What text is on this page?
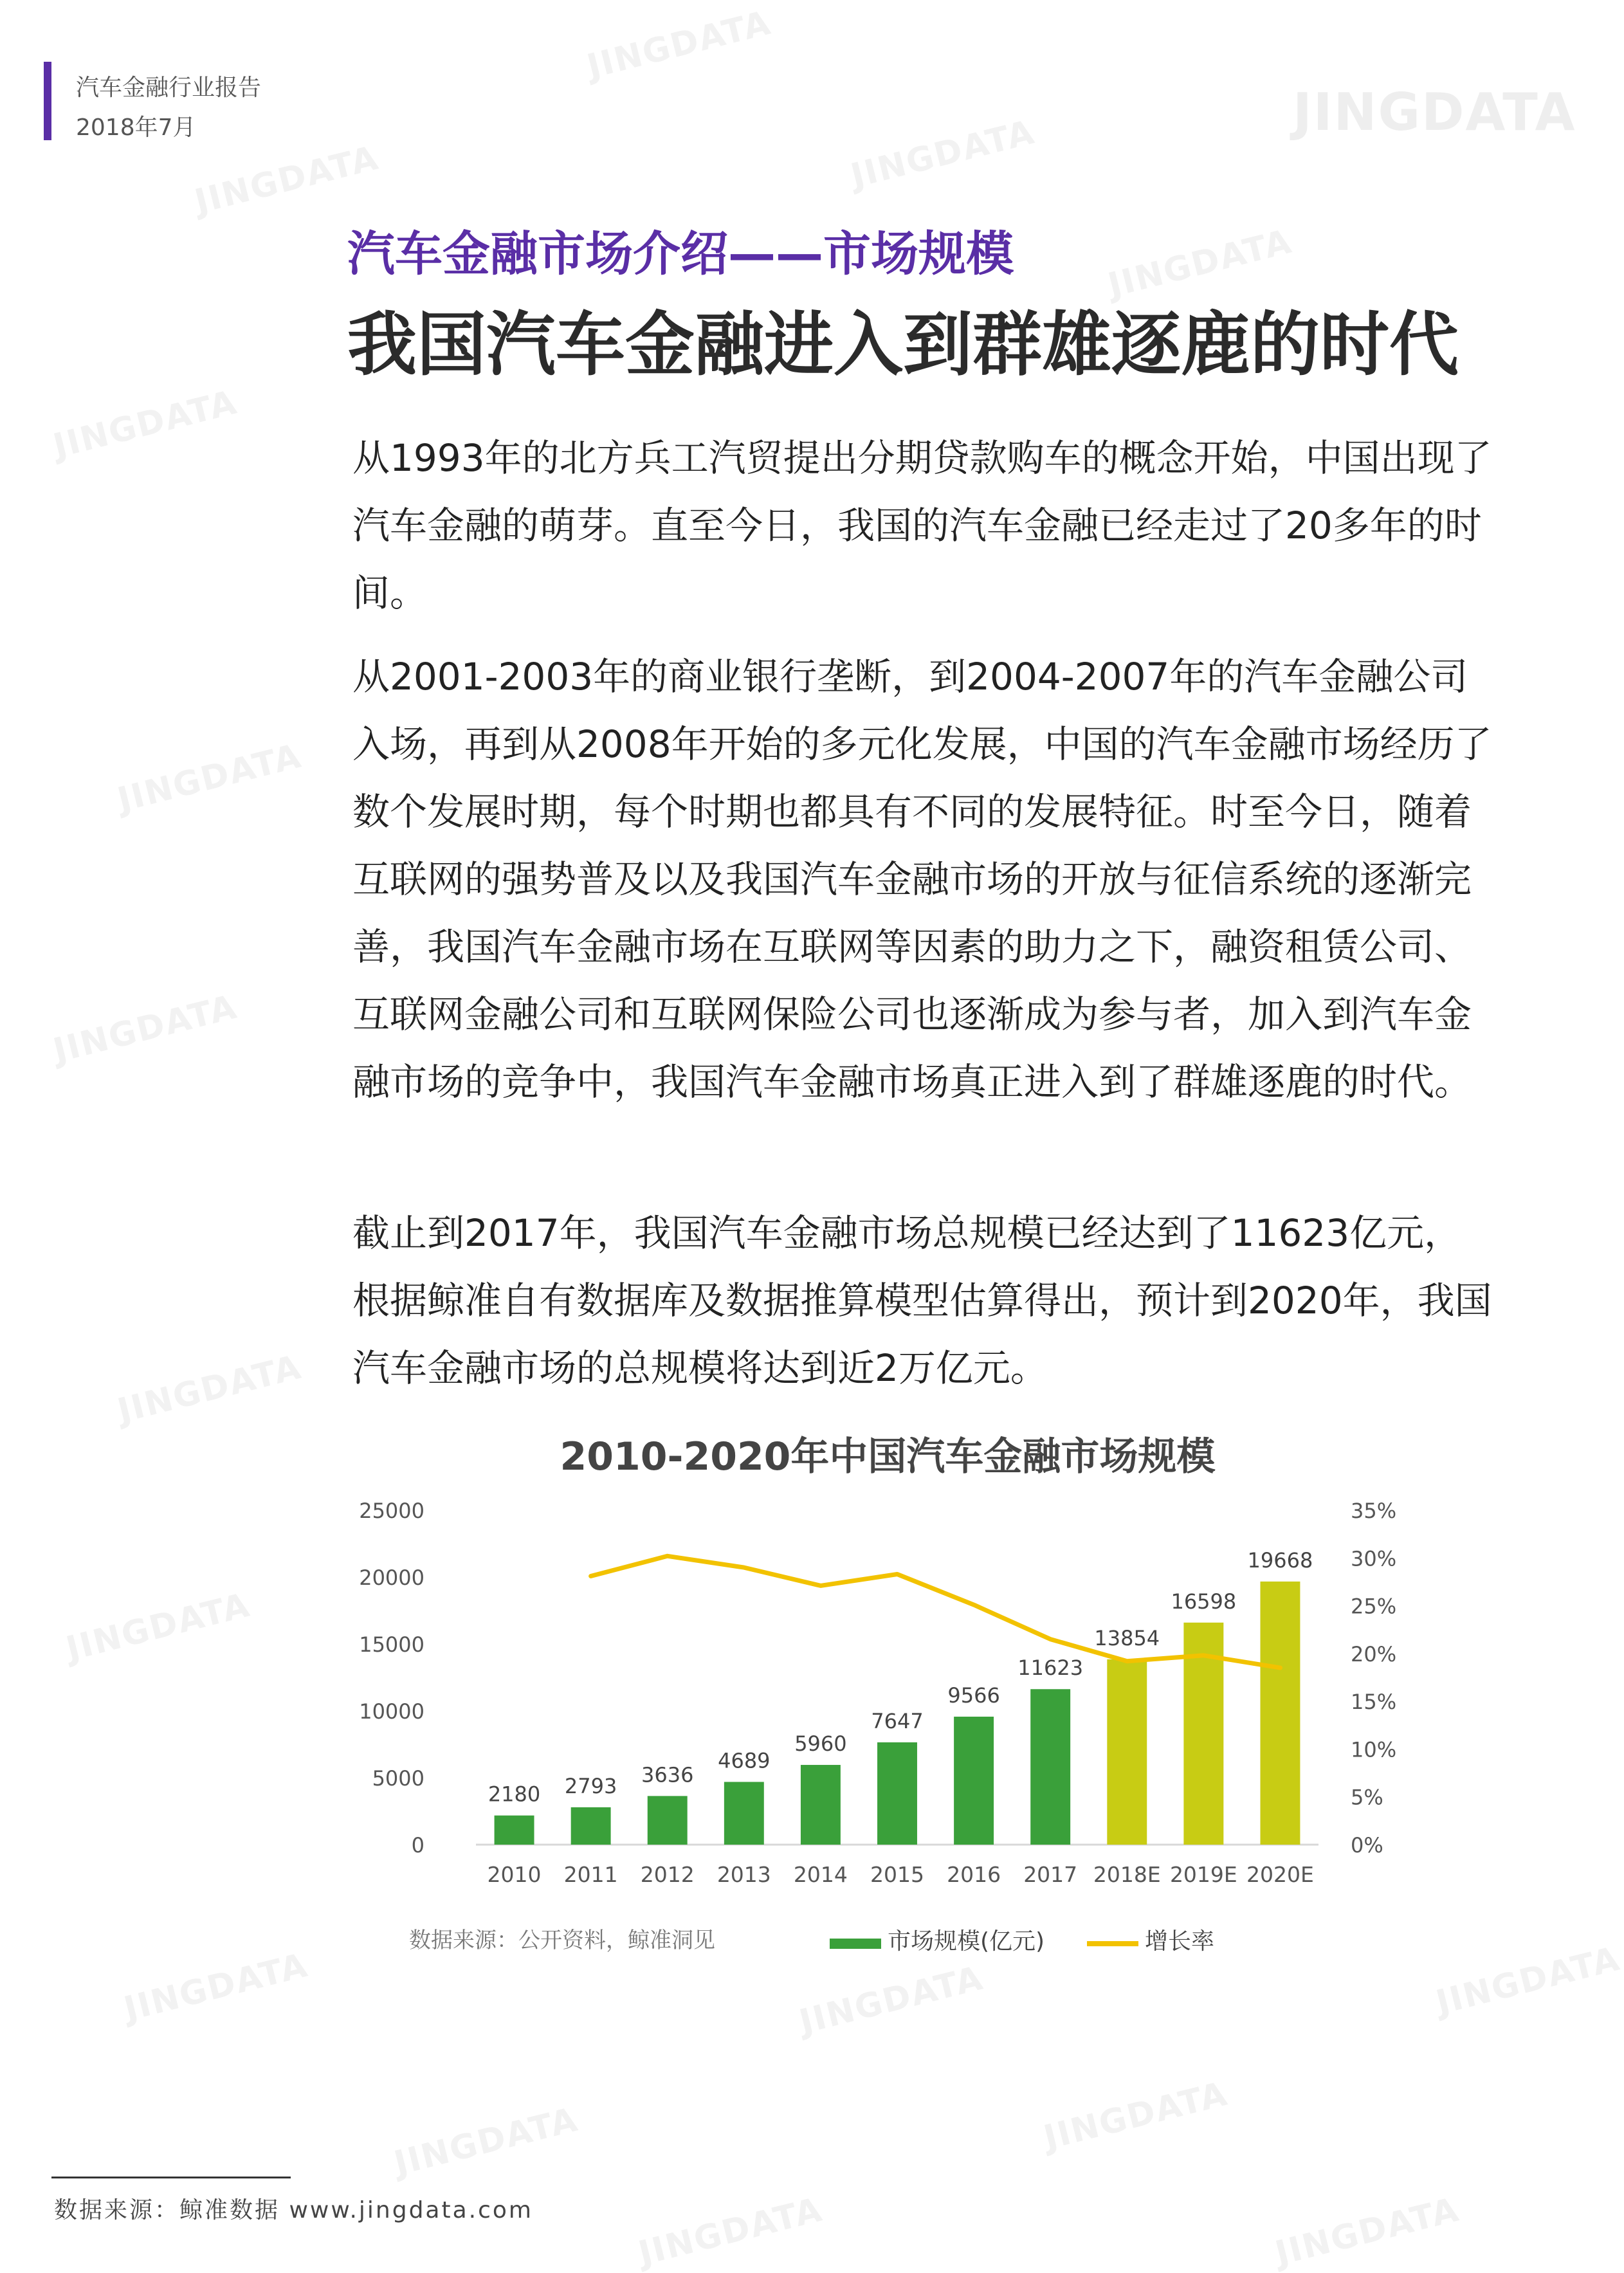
JINGDATA
JINGDATA
JINGDATA	JINGDATA
JINGDATA
JINGDATA
JINGDATA
JINGDATA
JINGDATA
JINGDATA
JINGDATA	JINGDATA
JINGDATA
JINGDATA
JINGDATA
JINGDATA	JINGDATA
汽车金融行业报告
2018年7月
汽车金融市场介绍——市场规模
我国汽车金融进入到群雄逐鹿的时代

从1993年的北方兵工汽贸提出分期贷款购车的概念开始，中国出现了汽车金融的萌芽。直至今日，我国的汽车金融已经走过了20多年的时间。

从2001-2003年的商业银行垄断，到2004-2007年的汽车金融公司入场，再到从2008年开始的多元化发展，中国的汽车金融市场经历了数个发展时期，每个时期也都具有不同的发展特征。时至今日，随着互联网的强势普及以及我国汽车金融市场的开放与征信系统的逐渐完善，我国汽车金融市场在互联网等因素的助力之下，融资租赁公司、互联网金融公司和互联网保险公司也逐渐成为参与者，加入到汽车金融市场的竞争中，我国汽车金融市场真正进入到了群雄逐鹿的时代。

截止到2017年，我国汽车金融市场总规模已经达到了11623亿元，根据鲸准自有数据库及数据推算模型估算得出，预计到2020年，我国汽车金融市场的总规模将达到近2万亿元。

2010-2020年中国汽车金融市场规模
2180 2793 3636
4689
5960
7647
9566
11623
13854
16598
19668
0
5000
10000
15000
20000
25000
0%
5%
10%
15%
20%
25%
30%
35%
2010 2011 2012 2013 2014 2015 2016 2017 2018E 2019E 2020E
数据来源：公开资料，鲸准洞见	市场规模(亿元)	增长率
数据来源：鲸准数据 www.jingdata.com
